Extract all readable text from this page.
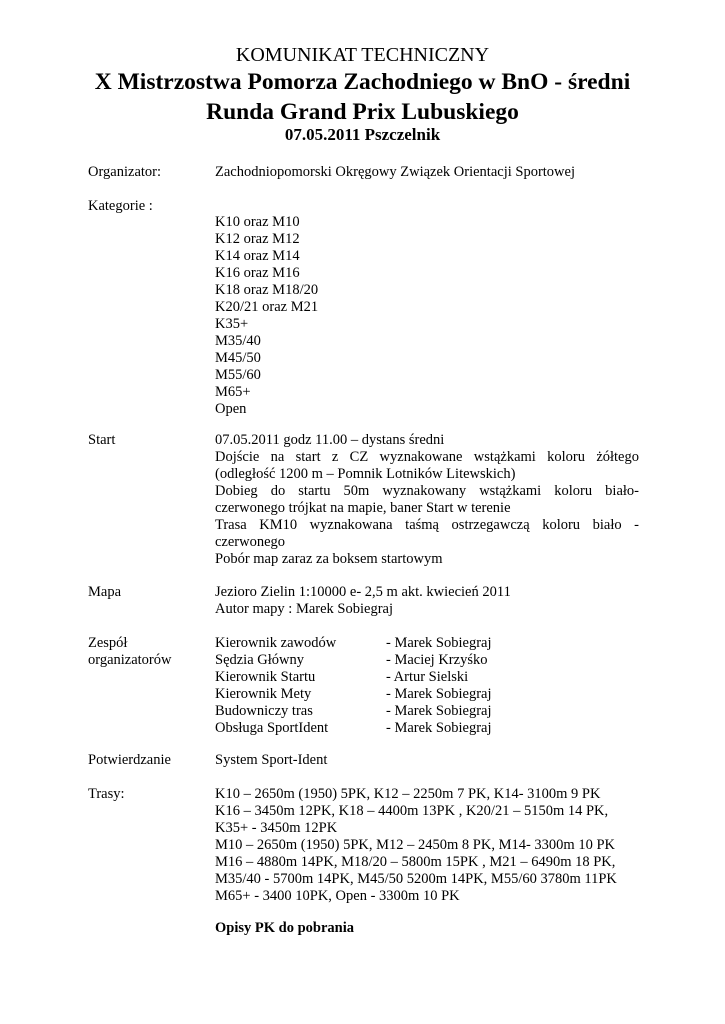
KOMUNIKAT TECHNICZNY
X Mistrzostwa Pomorza Zachodniego w BnO - średni
Runda Grand Prix Lubuskiego
07.05.2011 Pszczelnik
Organizator:	Zachodniopomorski Okręgowy Związek Orientacji Sportowej
Kategorie :
K10 oraz M10
K12 oraz M12
K14 oraz M14
K16 oraz M16
K18 oraz M18/20
K20/21 oraz M21
K35+
M35/40
M45/50
M55/60
M65+
Open
Start	07.05.2011 godz 11.00 – dystans średni
Dojście na start z CZ wyznakowane wstążkami koloru żółtego (odległość 1200 m – Pomnik Lotników Litewskich)
Dobieg do startu 50m wyznakowany wstążkami koloru biało-czerwonego trójkat na mapie, baner Start w terenie
Trasa KM10 wyznakowana taśmą ostrzegawczą koloru biało - czerwonego
Pobór map zaraz za boksem startowym
Mapa	Jezioro Zielin 1:10000 e- 2,5 m akt. kwiecień 2011
Autor mapy : Marek Sobiegraj
Zespół
organizatorów
Kierownik zawodów	- Marek Sobiegraj
Sędzia Główny	- Maciej Krzyśko
Kierownik Startu	- Artur Sielski
Kierownik Mety	- Marek Sobiegraj
Budowniczy tras	- Marek Sobiegraj
Obsługa SportIdent	- Marek Sobiegraj
Potwierdzanie	System Sport-Ident
Trasy:	K10 – 2650m (1950) 5PK, K12 – 2250m 7 PK, K14- 3100m 9 PK
K16 – 3450m 12PK, K18 – 4400m 13PK , K20/21 – 5150m 14 PK,
K35+ - 3450m 12PK
M10 – 2650m (1950) 5PK, M12 – 2450m 8 PK, M14- 3300m 10 PK
M16 – 4880m 14PK, M18/20 – 5800m 15PK , M21 – 6490m 18 PK,
M35/40 - 5700m 14PK, M45/50 5200m 14PK, M55/60 3780m 11PK
M65+ - 3400 10PK, Open - 3300m 10 PK
Opisy PK do pobrania
